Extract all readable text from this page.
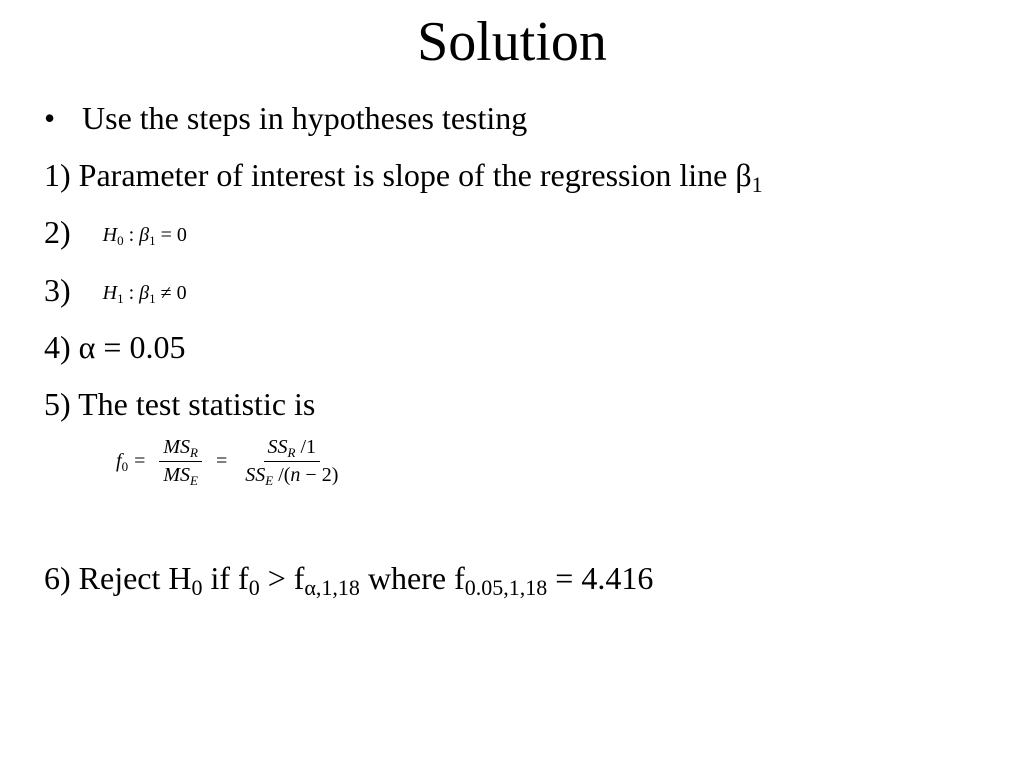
Solution
• Use the steps in hypotheses testing
1) Parameter of interest is slope of the regression line $\beta_1$
2) $H_0$ : $\beta_1 = 0$
3) $H_1$ : $\beta_1 \ne 0$
4) α = 0.05
5) The test statistic is
$f_0 = \frac{MS_R}{MS_E} = \frac{SS_R /1}{SS_E /(n - 2)}$
6) Reject $H_0$ if $f_0 > f_{\alpha,1,18}$ where $f_{0.05,1,18} = 4.416$
